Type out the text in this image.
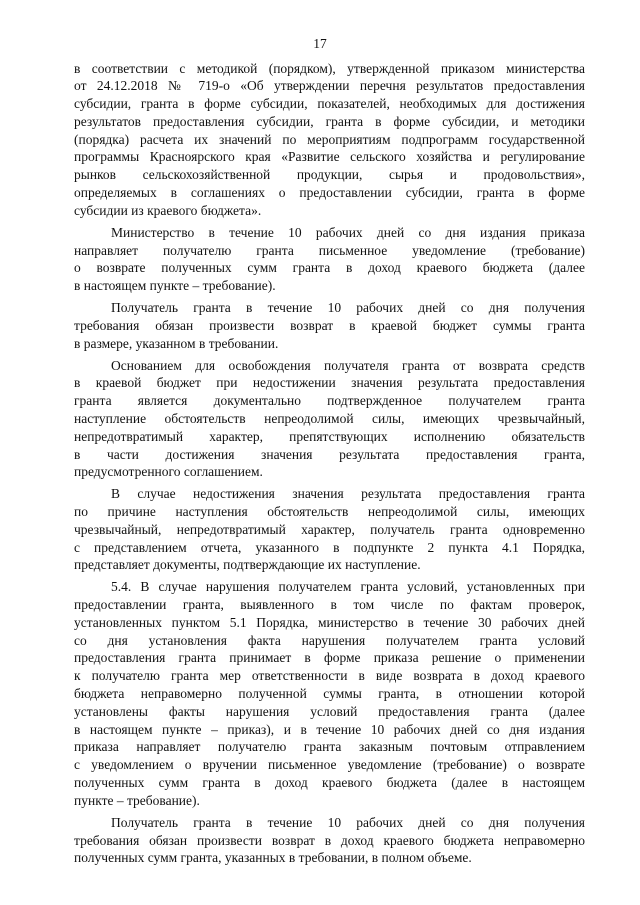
17
в соответствии с методикой (порядком), утвержденной приказом министерства
от 24.12.2018 № 719-о «Об утверждении перечня результатов предоставления
субсидии, гранта в форме субсидии, показателей, необходимых для достижения
результатов предоставления субсидии, гранта в форме субсидии, и методики
(порядка) расчета их значений по мероприятиям подпрограмм государственной
программы Красноярского края «Развитие сельского хозяйства и регулирование
рынков сельскохозяйственной продукции, сырья и продовольствия»,
определяемых в соглашениях о предоставлении субсидии, гранта в форме
субсидии из краевого бюджета».
Министерство в течение 10 рабочих дней со дня издания приказа
направляет получателю гранта письменное уведомление (требование)
о возврате полученных сумм гранта в доход краевого бюджета (далее
в настоящем пункте – требование).
Получатель гранта в течение 10 рабочих дней со дня получения
требования обязан произвести возврат в краевой бюджет суммы гранта
в размере, указанном в требовании.
Основанием для освобождения получателя гранта от возврата средств
в краевой бюджет при недостижении значения результата предоставления
гранта является документально подтвержденное получателем гранта
наступление обстоятельств непреодолимой силы, имеющих чрезвычайный,
непредотвратимый характер, препятствующих исполнению обязательств
в части достижения значения результата предоставления гранта,
предусмотренного соглашением.
В случае недостижения значения результата предоставления гранта
по причине наступления обстоятельств непреодолимой силы, имеющих
чрезвычайный, непредотвратимый характер, получатель гранта одновременно
с представлением отчета, указанного в подпункте 2 пункта 4.1 Порядка,
представляет документы, подтверждающие их наступление.
5.4. В случае нарушения получателем гранта условий, установленных при
предоставлении гранта, выявленного в том числе по фактам проверок,
установленных пунктом 5.1 Порядка, министерство в течение 30 рабочих дней
со дня установления факта нарушения получателем гранта условий
предоставления гранта принимает в форме приказа решение о применении
к получателю гранта мер ответственности в виде возврата в доход краевого
бюджета неправомерно полученной суммы гранта, в отношении которой
установлены факты нарушения условий предоставления гранта (далее
в настоящем пункте – приказ), и в течение 10 рабочих дней со дня издания
приказа направляет получателю гранта заказным почтовым отправлением
с уведомлением о вручении письменное уведомление (требование) о возврате
полученных сумм гранта в доход краевого бюджета (далее в настоящем
пункте – требование).
Получатель гранта в течение 10 рабочих дней со дня получения
требования обязан произвести возврат в доход краевого бюджета неправомерно
полученных сумм гранта, указанных в требовании, в полном объеме.
